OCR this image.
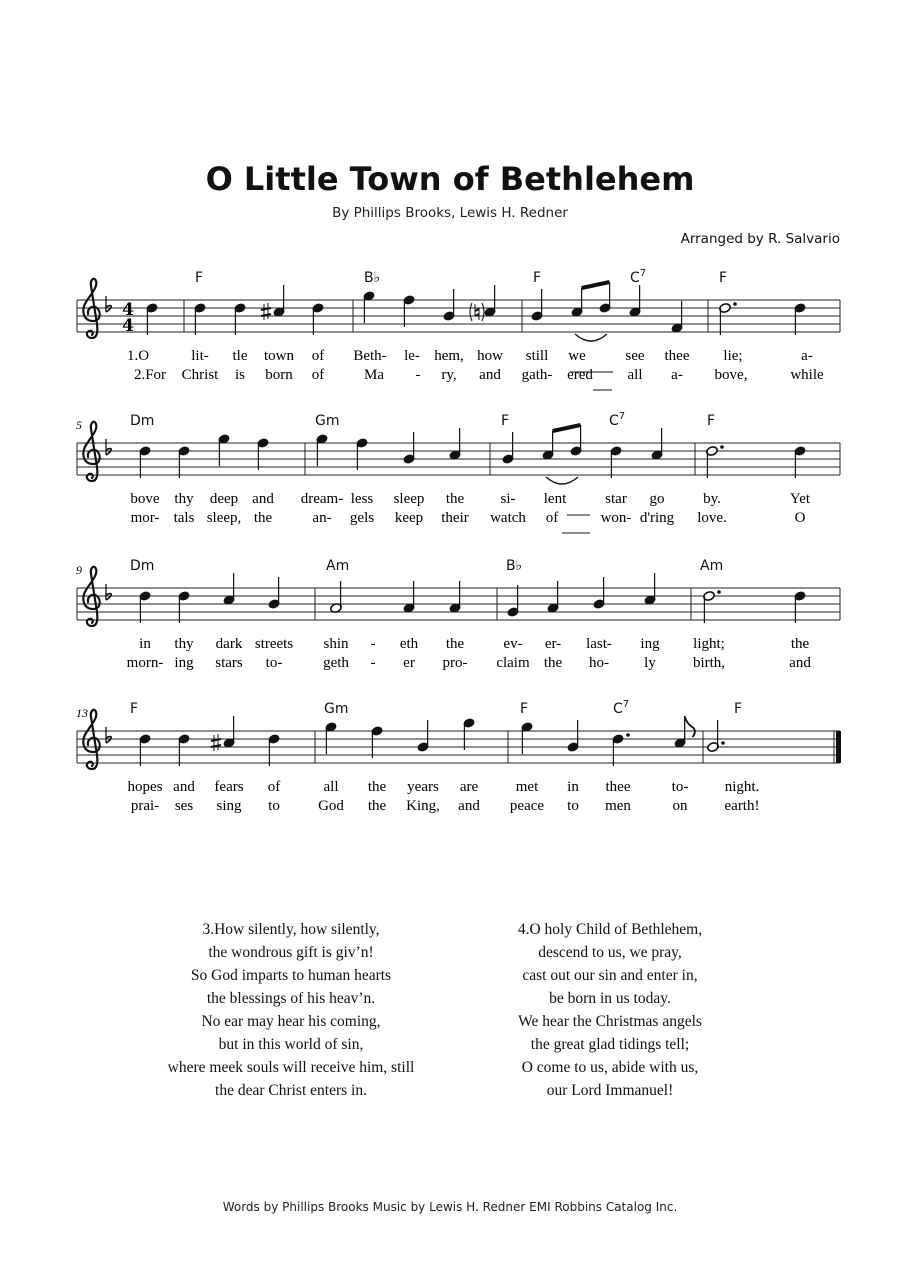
O Little Town of Bethlehem
By Phillips Brooks, Lewis H. Redner
Arranged by R. Salvario
4
4
F	B♭	F	$C^7$	F
1.O	lit- tle town of Beth- le- hem, how still we	see thee lie;	a-
2.For Christ is born of	Ma - ry, and gath- ered all a- bove,	while
5	Dm	Gm	F	$C^7$	F
bove thy deep and dream- less sleep the si- lent	star go	by.	Yet
mor- tals sleep, the	an- gels keep their watch of	won- d'ring love.	O
9	Dm	Am	B♭	Am
in thy dark streets shin - eth the	ev- er- last- ing light;	the
morn- ing stars to-	geth - er pro- claim the ho- ly birth,	and
13	F	Gm	F	$C^7$	F
hopes and fears of	all the years are	met in thee	to- night.
prai- ses sing to	God the King, and peace to men	on earth!
3.How silently, how silently,
the wondrous gift is giv’n!
So God imparts to human hearts
the blessings of his heav’n.
No ear may hear his coming,
but in this world of sin,
where meek souls will receive him, still
the dear Christ enters in.
4.O holy Child of Bethlehem,
descend to us, we pray,
cast out our sin and enter in,
be born in us today.
We hear the Christmas angels
the great glad tidings tell;
O come to us, abide with us,
our Lord Immanuel!
Words by Phillips Brooks Music by Lewis H. Redner EMI Robbins Catalog Inc.
